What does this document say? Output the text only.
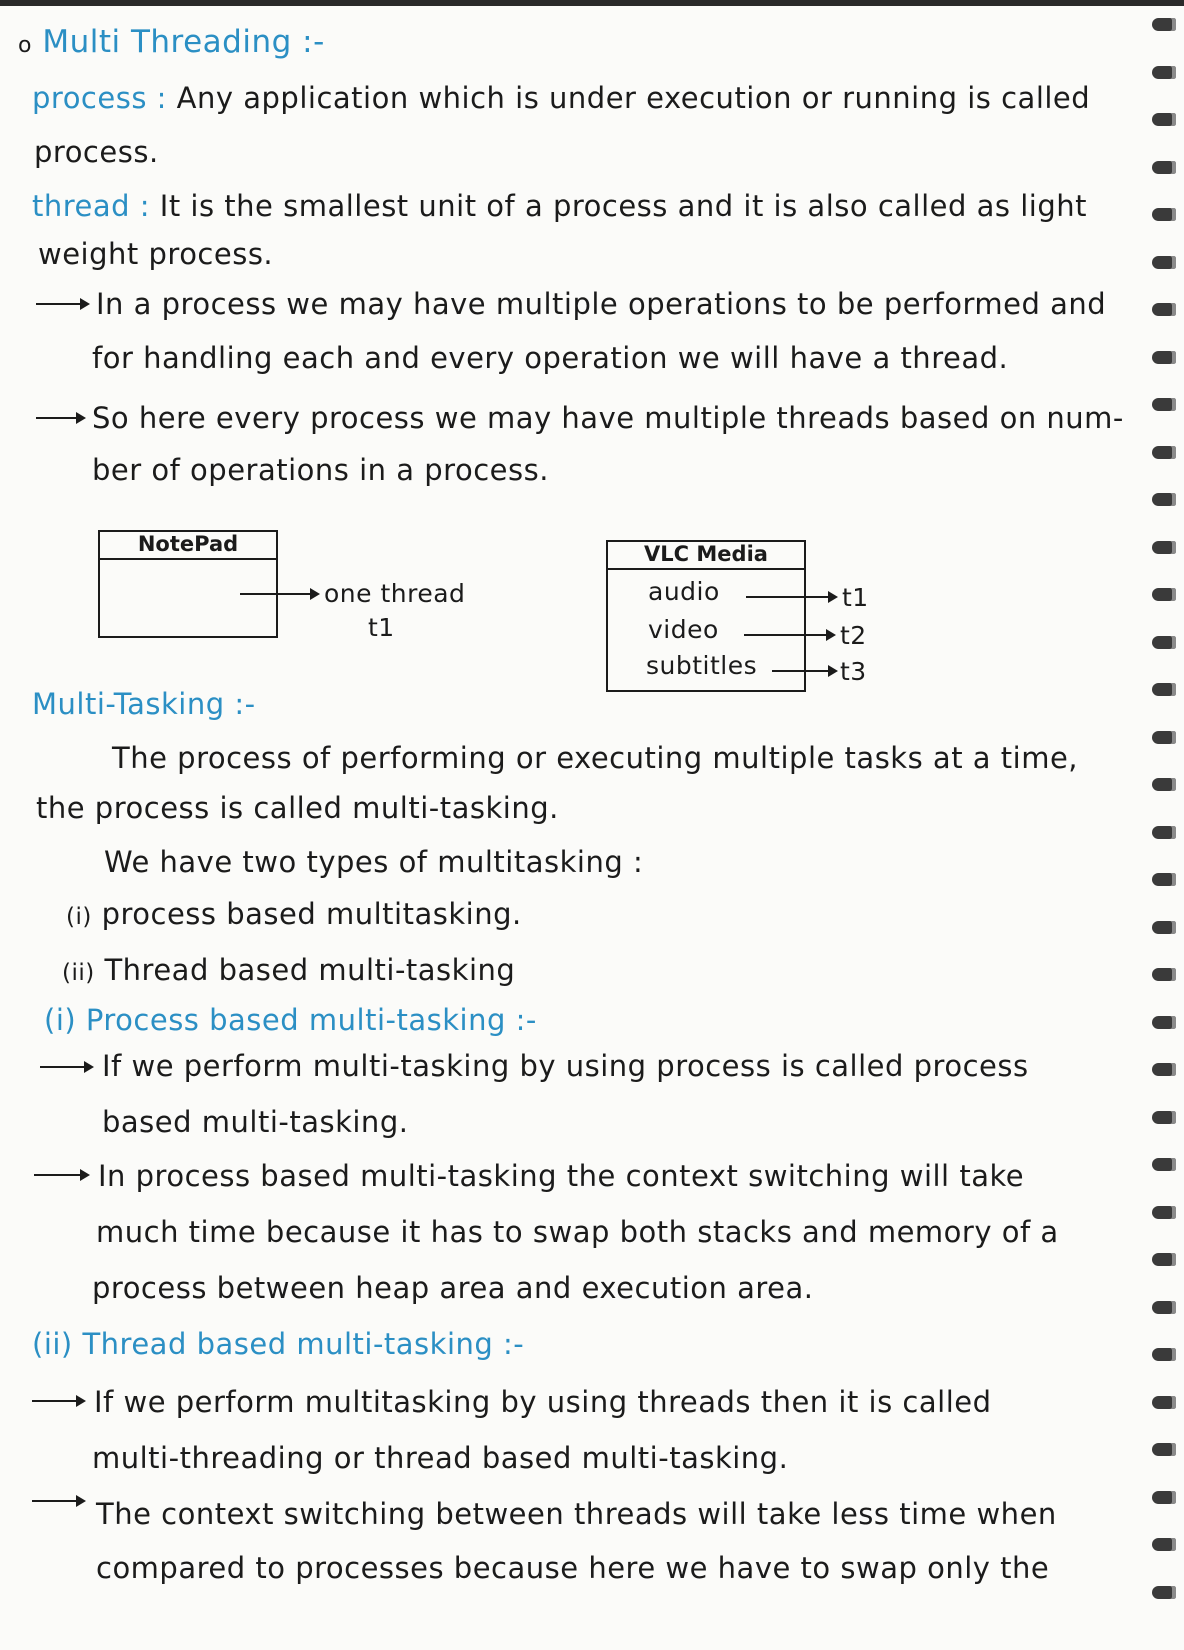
o Multi Threading :-
process : Any application which is under execution or running is called
process.
thread : It is the smallest unit of a process and it is also called as light
weight process.
In a process we may have multiple operations to be performed and
for handling each and every operation we will have a thread.
So here every process we may have multiple threads based on num-
ber of operations in a process.
NotePad
one thread
t1
VLC Media
audio	t1
video	t2
subtitles	t3
Multi-Tasking :-
The process of performing or executing multiple tasks at a time,
the process is called multi-tasking.
We have two types of multitasking :
(i) process based multitasking.
(ii) Thread based multi-tasking
(i) Process based multi-tasking :-
If we perform multi-tasking by using process is called process
based multi-tasking.
In process based multi-tasking the context switching will take
much time because it has to swap both stacks and memory of a
process between heap area and execution area.
(ii) Thread based multi-tasking :-
If we perform multitasking by using threads then it is called
multi-threading or thread based multi-tasking.
The context switching between threads will take less time when
compared to processes because here we have to swap only the
